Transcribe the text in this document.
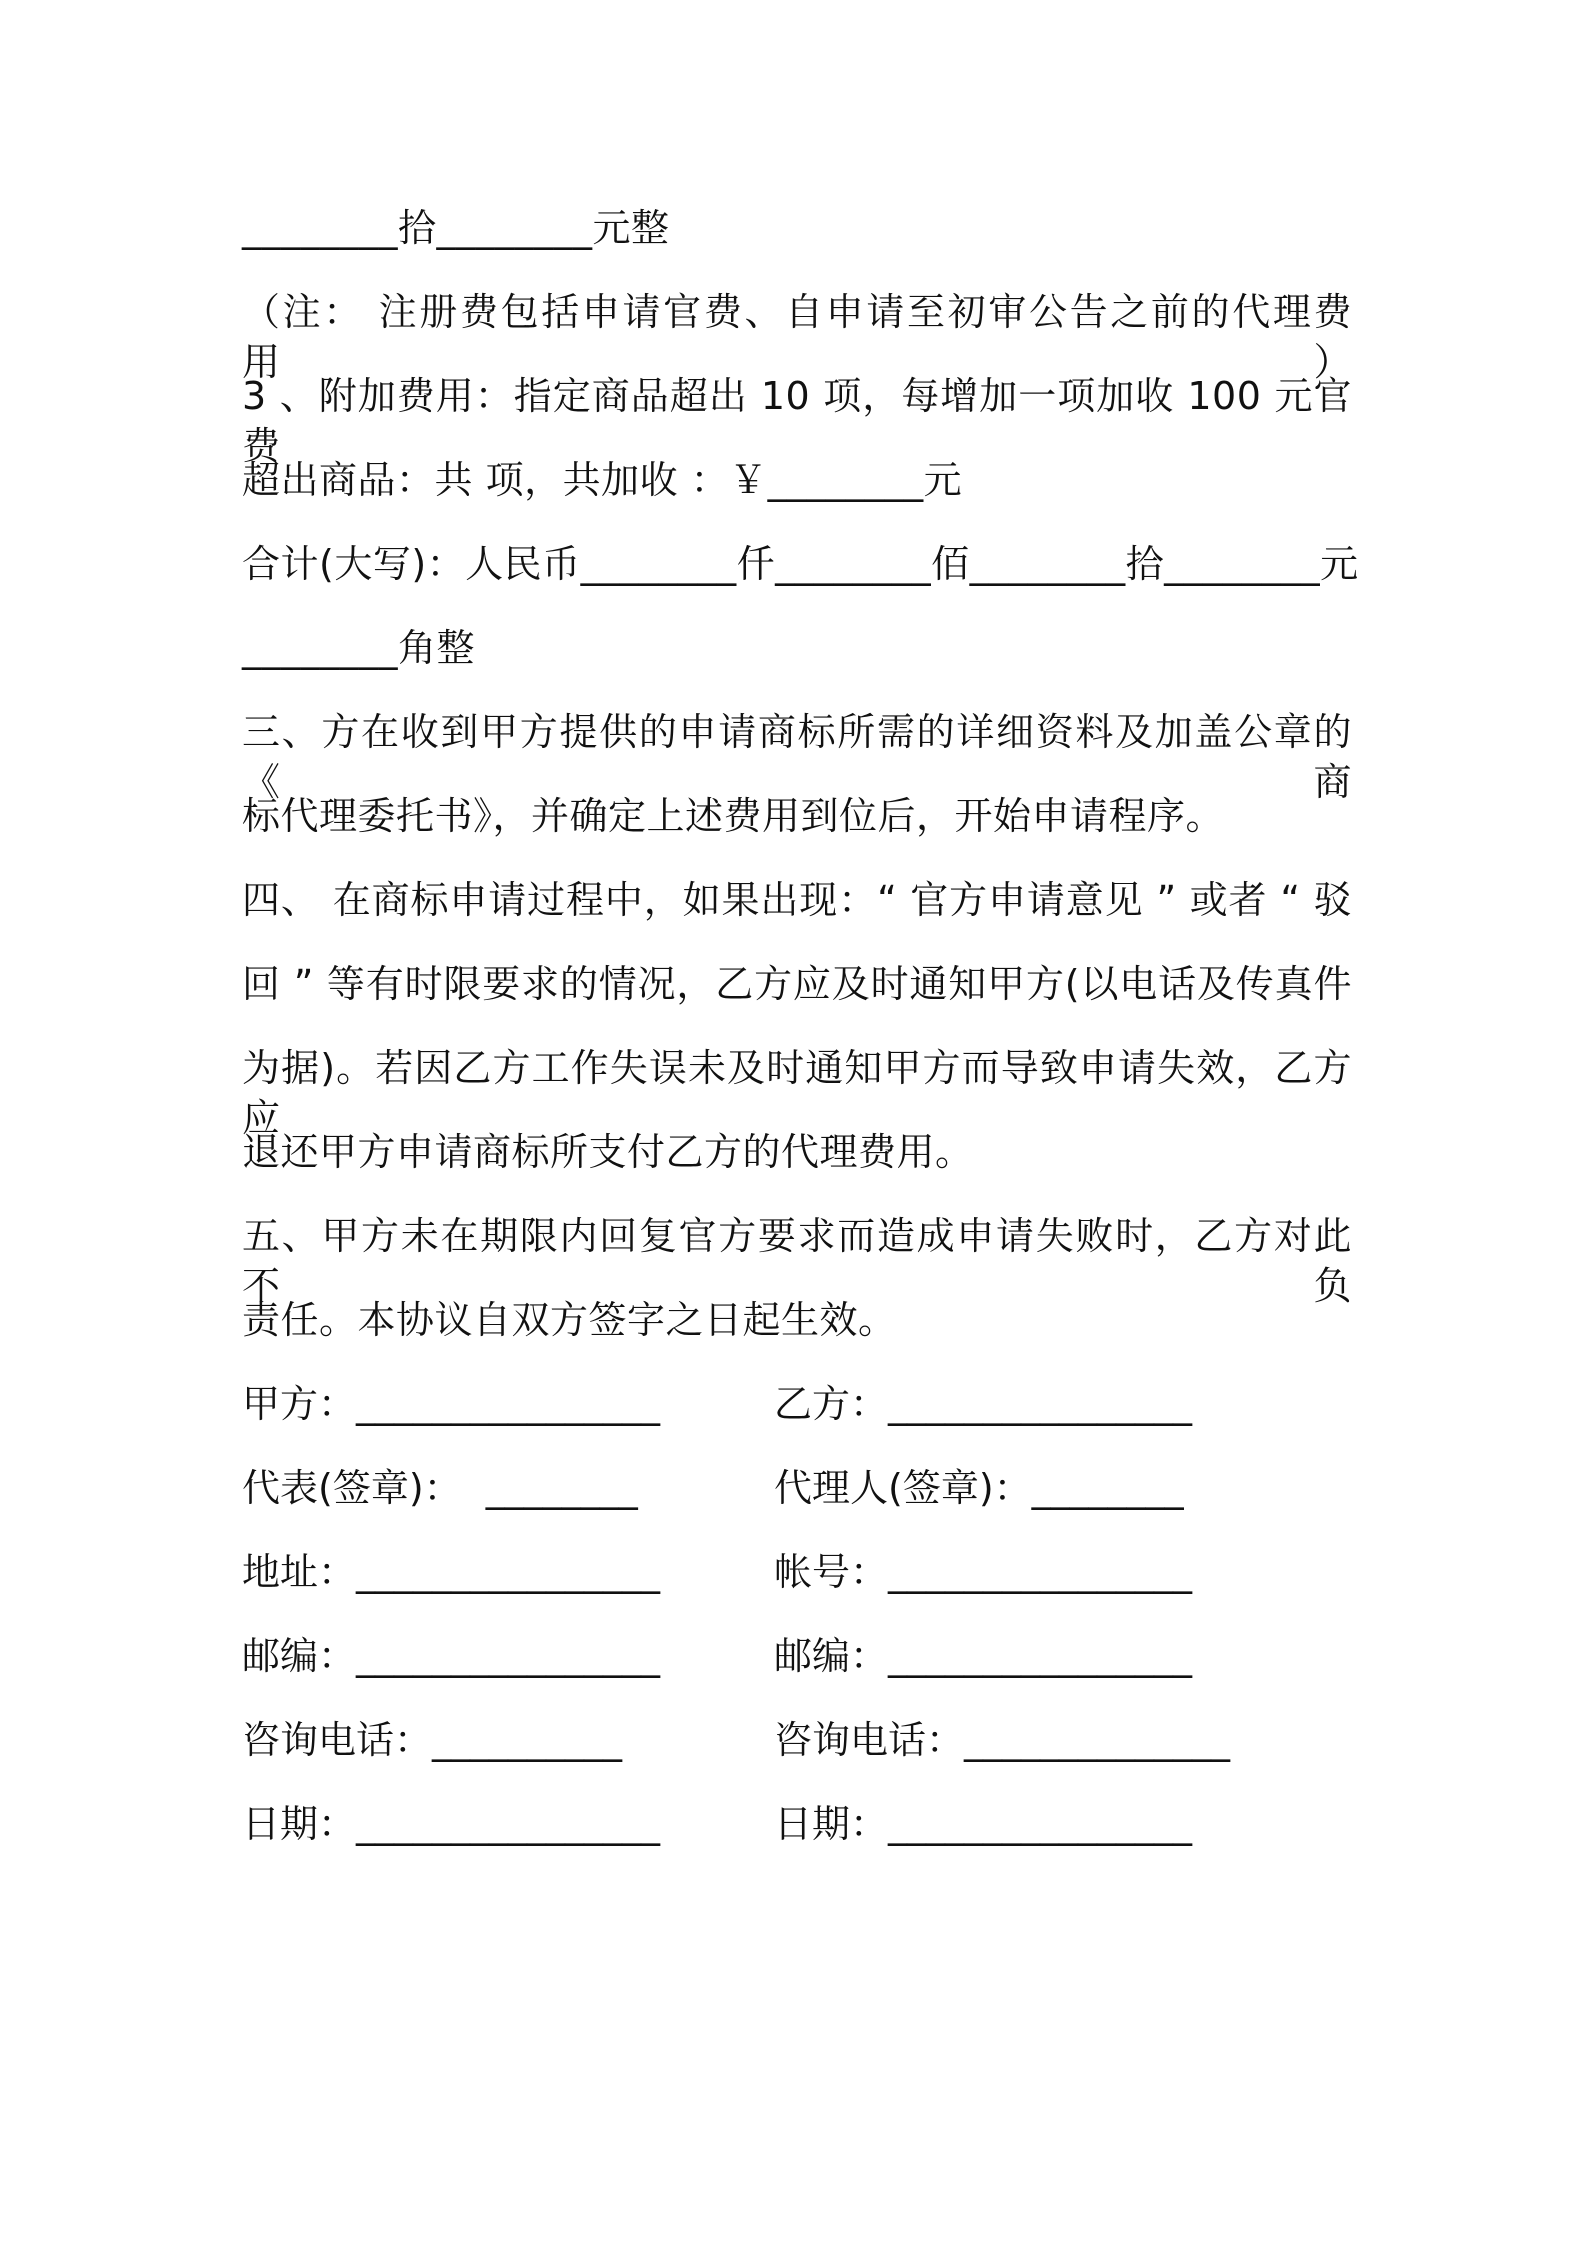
________拾________元整
（注： 注册费包括申请官费、自申请至初审公告之前的代理费用）
3 、附加费用：指定商品超出 10 项，每增加一项加收 100 元官费
超出商品：共 项，共加收 ：￥________元
合计(大写)：人民币________仟________佰________拾________元
________角整
三、方在收到甲方提供的申请商标所需的详细资料及加盖公章的《商
标代理委托书》，并确定上述费用到位后，开始申请程序。
四、 在商标申请过程中，如果出现：“ 官方申请意见 ” 或者 “ 驳
回 ” 等有时限要求的情况，乙方应及时通知甲方(以电话及传真件
为据)。若因乙方工作失误未及时通知甲方而导致申请失效，乙方应
退还甲方申请商标所支付乙方的代理费用。
五、甲方未在期限内回复官方要求而造成申请失败时，乙方对此不负
责任。本协议自双方签字之日起生效。
甲方：________________	乙方：________________
代表(签章)：  ________	代理人(签章)：________
地址：________________	帐号：________________
邮编：________________	邮编：________________
咨询电话：__________	咨询电话：______________
日期：________________	日期：________________
